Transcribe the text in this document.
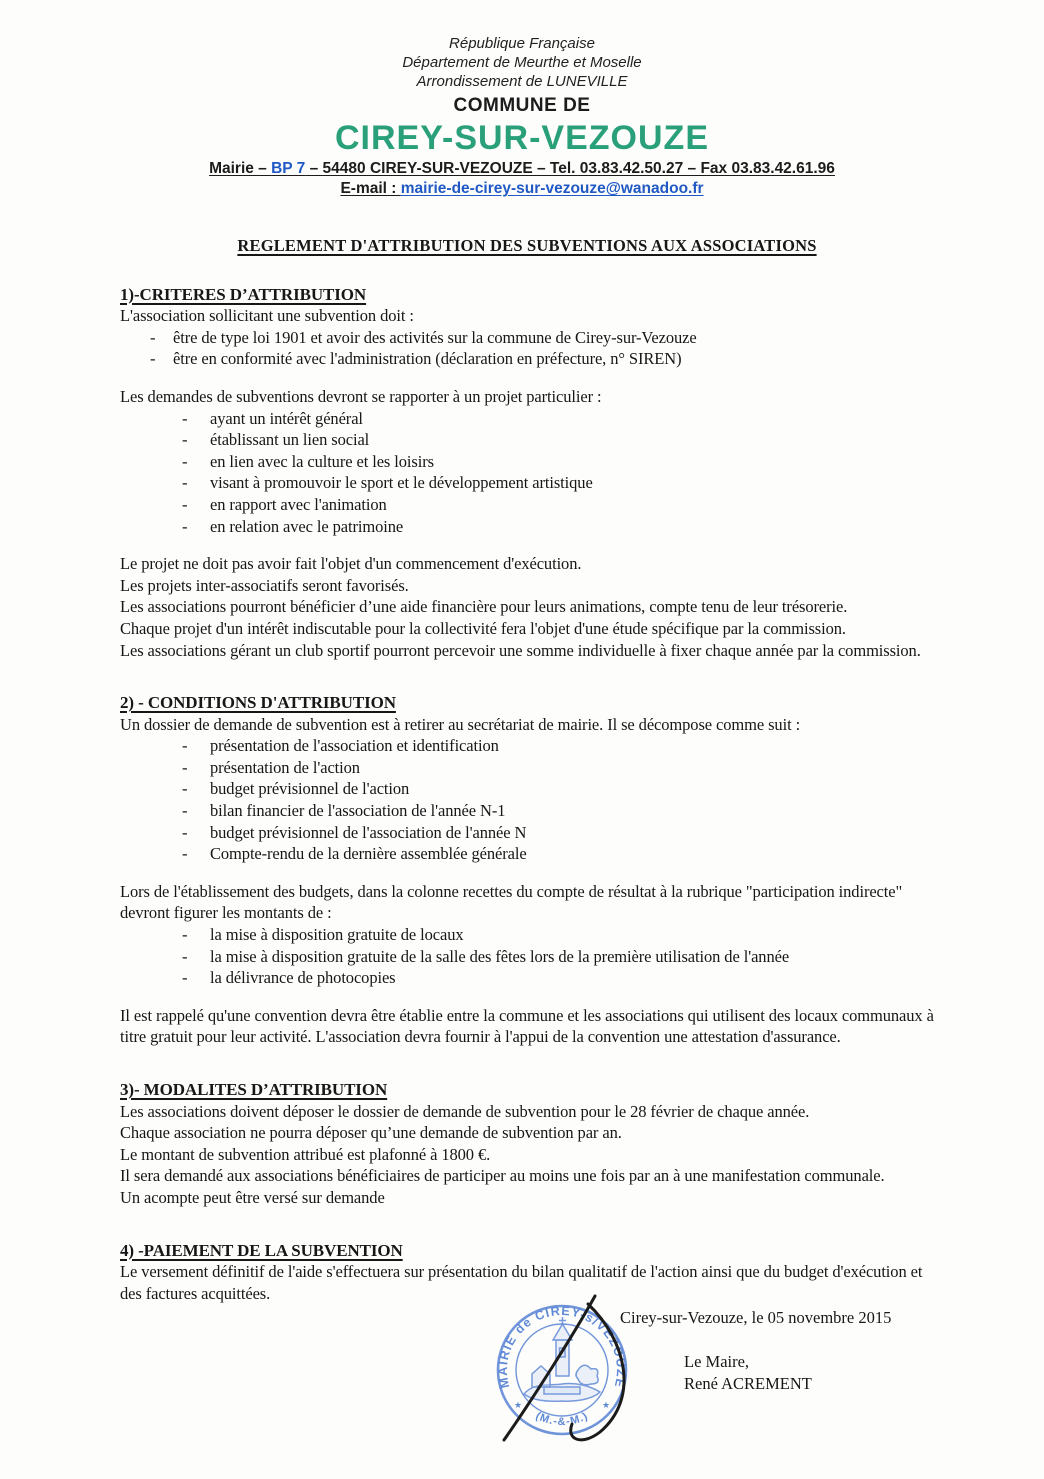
République Française
Département de Meurthe et Moselle
Arrondissement de LUNEVILLE
COMMUNE DE
CIREY-SUR-VEZOUZE
Mairie – BP 7 – 54480 CIREY-SUR-VEZOUZE – Tel. 03.83.42.50.27 – Fax 03.83.42.61.96
E-mail : mairie-de-cirey-sur-vezouze@wanadoo.fr
REGLEMENT D'ATTRIBUTION DES SUBVENTIONS AUX ASSOCIATIONS
1)-CRITERES D’ATTRIBUTION
L'association sollicitant une subvention doit :
-	être de type loi 1901 et avoir des activités sur la commune de Cirey-sur-Vezouze
-	être en conformité avec l'administration (déclaration en préfecture, n° SIREN)
Les demandes de subventions devront se rapporter à un projet particulier :
-	ayant un intérêt général
-	établissant un lien social
-	en lien avec la culture et les loisirs
-	visant à promouvoir le sport et le développement artistique
-	en rapport avec l'animation
-	en relation avec le patrimoine
Le projet ne doit pas avoir fait l'objet d'un commencement d'exécution.
Les projets inter-associatifs seront favorisés.
Les associations pourront bénéficier d’une aide financière pour leurs animations, compte tenu de leur trésorerie.
Chaque projet d'un intérêt indiscutable pour la collectivité fera l'objet d'une étude spécifique par la commission.
Les associations gérant un club sportif pourront percevoir une somme individuelle à fixer chaque année par la commission.
2) - CONDITIONS D'ATTRIBUTION
Un dossier de demande de subvention est à retirer au secrétariat de mairie. Il se décompose comme suit :
-	présentation de l'association et identification
-	présentation de l'action
-	budget prévisionnel de l'action
-	bilan financier de l'association de l'année N-1
-	budget prévisionnel de l'association de l'année N
-	Compte-rendu de la dernière assemblée générale
Lors de l'établissement des budgets, dans la colonne recettes du compte de résultat à la rubrique "participation indirecte" devront figurer les montants de :
-	la mise à disposition gratuite de locaux
-	la mise à disposition gratuite de la salle des fêtes lors de la première utilisation de l'année
-	la délivrance de photocopies
Il est rappelé qu'une convention devra être établie entre la commune et les associations qui utilisent des locaux communaux à titre gratuit pour leur activité. L'association devra fournir à l'appui de la convention une attestation d'assurance.
3)- MODALITES D’ATTRIBUTION
Les associations doivent déposer le dossier de demande de subvention pour le 28 février de chaque année.
Chaque association ne pourra déposer qu’une demande de subvention par an.
Le montant de subvention attribué est plafonné à 1800 €.
Il sera demandé aux associations bénéficiaires de participer au moins une fois par an à une manifestation communale.
Un acompte peut être versé sur demande
4) -PAIEMENT DE LA SUBVENTION
Le versement définitif de l'aide s'effectuera sur présentation du bilan qualitatif de l'action ainsi que du budget d'exécution et des factures acquittées.
Cirey-sur-Vezouze, le 05 novembre 2015
Le Maire,
René ACREMENT
MAIRIE de CIREY-s/VEZOUZE
(M.-&-M.)
★	★
